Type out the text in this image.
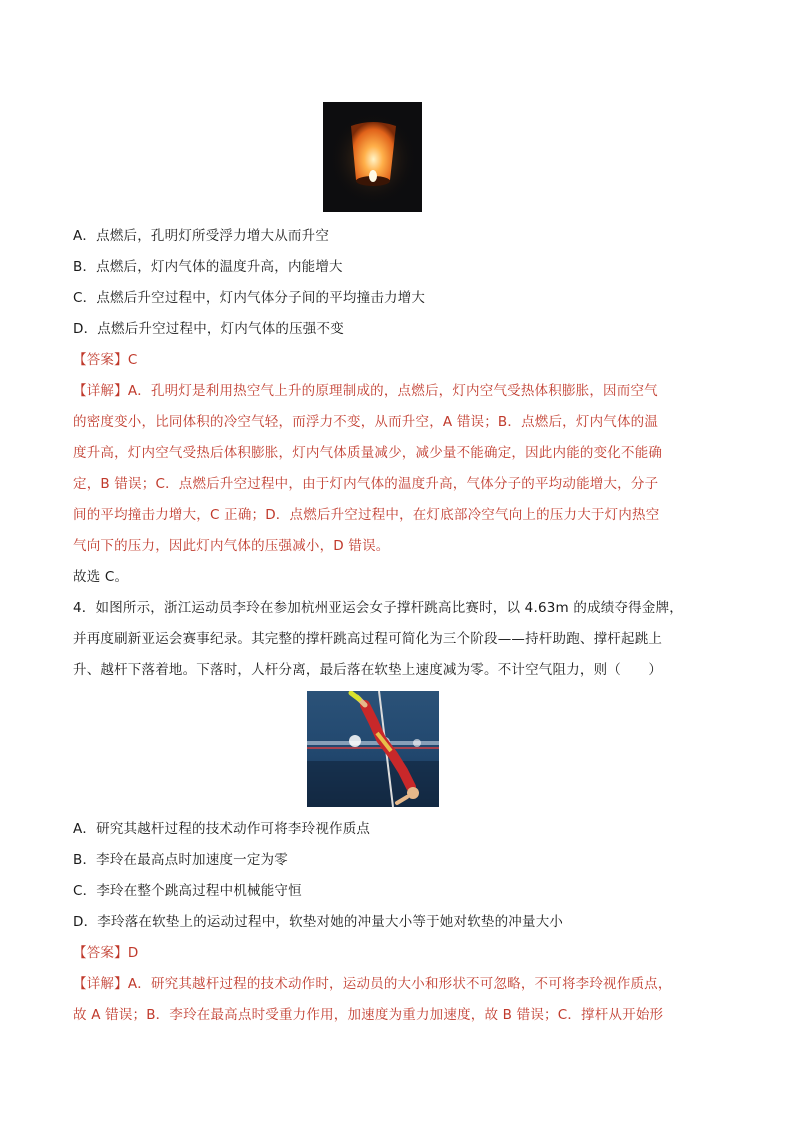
A．点燃后，孔明灯所受浮力增大从而升空
B．点燃后，灯内气体的温度升高，内能增大
C．点燃后升空过程中，灯内气体分子间的平均撞击力增大
D．点燃后升空过程中，灯内气体的压强不变
【答案】C
【详解】A．孔明灯是利用热空气上升的原理制成的，点燃后，灯内空气受热体积膨胀，因而空气
的密度变小，比同体积的冷空气轻，而浮力不变，从而升空，A 错误；B．点燃后，灯内气体的温
度升高，灯内空气受热后体积膨胀，灯内气体质量减少，减少量不能确定，因此内能的变化不能确
定，B 错误；C．点燃后升空过程中，由于灯内气体的温度升高，气体分子的平均动能增大，分子
间的平均撞击力增大，C 正确；D．点燃后升空过程中，在灯底部冷空气向上的压力大于灯内热空
气向下的压力，因此灯内气体的压强减小，D 错误。
故选 C。
4．如图所示，浙江运动员李玲在参加杭州亚运会女子撑杆跳高比赛时，以 4.63m 的成绩夺得金牌，
并再度刷新亚运会赛事纪录。其完整的撑杆跳高过程可简化为三个阶段——持杆助跑、撑杆起跳上
升、越杆下落着地。下落时，人杆分离，最后落在软垫上速度减为零。不计空气阻力，则（　　）
A．研究其越杆过程的技术动作可将李玲视作质点
B．李玲在最高点时加速度一定为零
C．李玲在整个跳高过程中机械能守恒
D．李玲落在软垫上的运动过程中，软垫对她的冲量大小等于她对软垫的冲量大小
【答案】D
【详解】A．研究其越杆过程的技术动作时，运动员的大小和形状不可忽略，不可将李玲视作质点，
故 A 错误；B．李玲在最高点时受重力作用，加速度为重力加速度，故 B 错误；C．撑杆从开始形
